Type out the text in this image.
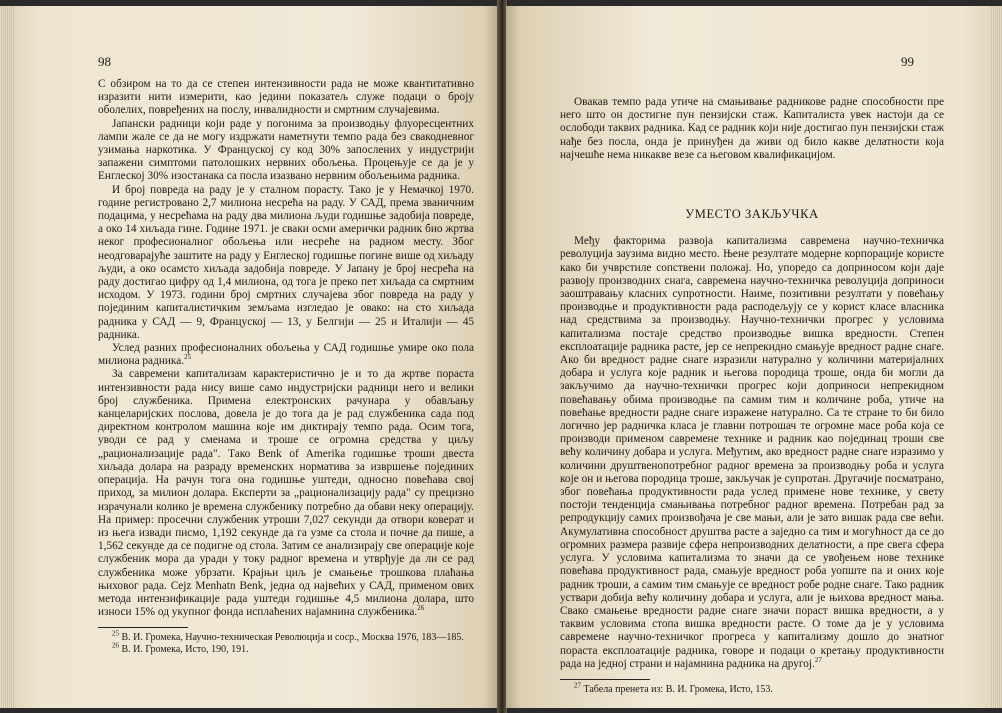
98

С обзиром на то да се степен интензивности рада не може квантитативно изразити нити измерити, као једини показатељ служе подаци о броју оболелих, повређених на послу, инвалидности и смртним случајевима.

Јапански радници који раде у погонима за производњу флуоресцентних лампи жале се да не могу издржати наметнути темпо рада без свакодневног узимања наркотика. У Француској су код 30% запослених у индустрији запажени симптоми патолошких нервних обољења. Процењује се да је у Енглеској 30% изостанака са посла изазвано нервним обољењима радника.

И број повреда на раду је у сталном порасту. Тако је у Немачкој 1970. године регистровано 2,7 милиона несрећа на раду. У САД, према званичним подацима, у несрећама на раду два милиона људи годишње задобија повреде, а око 14 хиљада гине. Године 1971. је сваки осми амерички радник био жртва неког професионалног обољења или несреће на радном месту. Због неодговарајуће заштите на раду у Енглеској годишње погине више од хиљаду људи, а око осамсто хиљада задобија повреде. У Јапану је број несрећа на раду достигао цифру од 1,4 милиона, од тога је преко пет хиљада са смртним исходом. У 1973. години број смртних случајева због повреда на раду у појединим капиталистичким земљама изгледао је овако: на сто хиљада радника у САД — 9, Француској — 13, у Белгији — 25 и Италији — 45 радника.

Услед разних професионалних обољења у САД годишње умире око пола милиона радника.$^{25}$

За савремени капитализам карактеристично је и то да жртве пораста интензивности рада нису више само индустријски радници него и велики број службеника. Примена електронских рачунара у обављању канцеларијских послова, довела је до тога да је рад службеника сада под директном контролом машина које им диктирају темпо рада. Осим тога, уводи се рад у сменама и троше се огромна средства у циљу „рационализације рада". Тако Benk of Amerika годишње троши двеста хиљада долара на разраду временских норматива за извршење појединих операција. На рачун тога она годишње уштеди, односно повећава свој приход, за милион долара. Експерти за „рационализацију рада" су прецизно израчунали колико је времена службенику потребно да обави неку операцију. На пример: просечни службеник утроши 7,027 секунди да отвори коверат и из њега извади писмо, 1,192 секунде да га узме са стола и почне да пише, а 1,562 секунде да се подигне од стола. Затим се анализирају све операције које службеник мора да уради у току радног времена и утврђује да ли се рад службеника може убрзати. Крајњи циљ је смањење трошкова плаћања њиховог рада. Cejz Menhatn Benk, једна од највећих у САД, применом ових метода интензификације рада уштеди годишње 4,5 милиона долара, што износи 15% од укупног фонда исплаћених најамнина службеника.$^{26}$

$^{25}$ В. И. Громека, Научно-техническая Революција и соср., Москва 1976, 183—185.

$^{26}$ В. И. Громека, Исто, 190, 191.

99

Овакав темпо рада утиче на смањивање радникове радне способности пре него што он достигне пун пензијски стаж. Капиталиста увек настоји да се ослободи таквих радника. Кад се радник који није достигао пун пензијски стаж нађе без посла, онда је принуђен да живи од било какве делатности која најчешће нема никакве везе са његовом квалификацијом.

УМЕСТО ЗАКЉУЧКА

Међу факторима развоја капитализма савремена научно-техничка револуција заузима видно место. Њене резултате модерне корпорације користе како би учврстиле сопствени положај. Но, упоредо са доприносом који даје развоју производних снага, савремена научно-техничка револуција доприноси заоштравању класних супротности. Наиме, позитивни резултати у повећању производње и продуктивности рада расподељују се у корист класе власника над средствима за производњу. Научно-технички прогрес у условима капитализма постаје средство производње вишка вредности. Степен експлоатације радника расте, јер се непрекидно смањује вредност радне снаге. Ако би вредност радне снаге изразили натурално у количини материјалних добара и услуга које радник и његова породица троше, онда би могли да закључимо да научно-технички прогрес који доприноси непрекидном повећавању обима производње па самим тим и количине роба, утиче на повећање вредности радне снаге изражене натурално. Са те стране то би било логично јер радничка класа је главни потрошач те огромне масе роба која се производи применом савремене технике и радник као појединац троши све већу количину добара и услуга. Међутим, ако вредност радне снаге изразимо у количини друштвенопотребног радног времена за производњу роба и услуга које он и његова породица троше, закључак је супротан. Другачије посматрано, због повећања продуктивности рада услед примене нове технике, у свету постоји тенденција смањивања потребног радног времена. Потребан рад за репродукцију самих произвођача је све мањи, али је зато вишак рада све већи. Акумулативна способност друштва расте а заједно са тим и могућност да се до огромних размера развије сфера непроизводних делатности, а пре свега сфера услуга. У условима капитализма то значи да се увођењем нове технике повећава продуктивност рада, смањује вредност роба уопште па и оних које радник троши, а самим тим смањује се вредност робе родне снаге. Тако радник уствари добија већу количину добара и услуга, али је њихова вредност мања. Свако смањење вредности радне снаге значи пораст вишка вредности, а у таквим условима стопа вишка вредности расте. О томе да је у условима савремене научно-техничког прогреса у капитализму дошло до знатног пораста експлоатације радника, говоре и подаци о кретању продуктивности рада на једној страни и најамнина радника на другој.$^{27}$

$^{27}$ Табела пренета из: В. И. Громека, Исто, 153.
